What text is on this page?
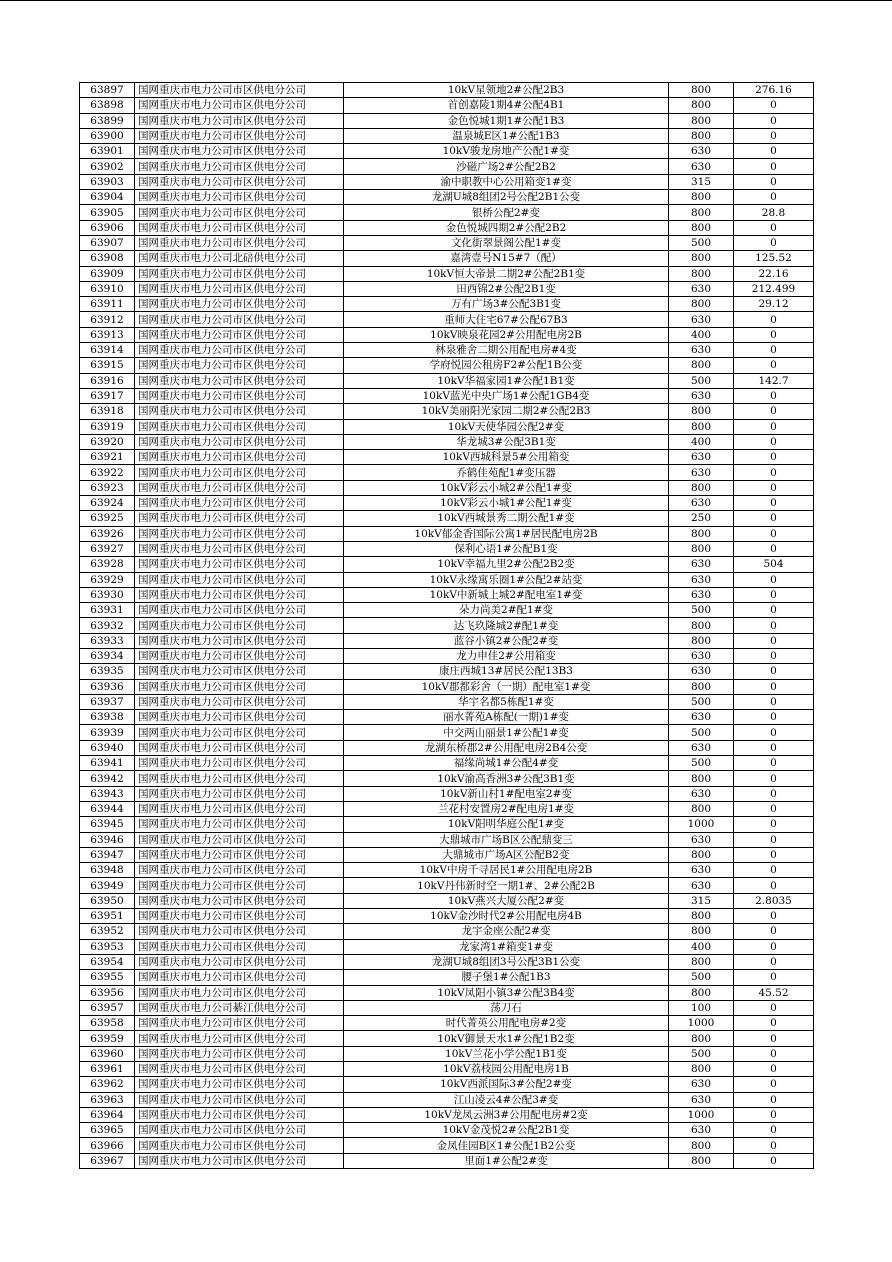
63897	国网重庆市电力公司市区供电分公司	10kV星领地2#公配2B3	800	276.16
63898	国网重庆市电力公司市区供电分公司	首创嘉陵1期4#公配4B1	800	0
63899	国网重庆市电力公司市区供电分公司	金色悦城1期1#公配1B3	800	0
63900	国网重庆市电力公司市区供电分公司	温泉城E区1#公配1B3	800	0
63901	国网重庆市电力公司市区供电分公司	10kV骏龙房地产公配1#变	630	0
63902	国网重庆市电力公司市区供电分公司	沙磁广场2#公配2B2	630	0
63903	国网重庆市电力公司市区供电分公司	渝中职教中心公用箱变1#变	315	0
63904	国网重庆市电力公司市区供电分公司	龙湖U城8组团2号公配2B1公变	800	0
63905	国网重庆市电力公司市区供电分公司	银桥公配2#变	800	28.8
63906	国网重庆市电力公司市区供电分公司	金色悦城四期2#公配2B2	800	0
63907	国网重庆市电力公司市区供电分公司	文化街翠景阁公配1#变	500	0
63908	国网重庆市电力公司北碚供电分公司	嘉湾壹号N15#7（配）	800	125.52
63909	国网重庆市电力公司市区供电分公司	10kV恒大帝景二期2#公配2B1变	800	22.16
63910	国网重庆市电力公司市区供电分公司	田西锦2#公配2B1变	630	212.499
63911	国网重庆市电力公司市区供电分公司	万有广场3#公配3B1变	800	29.12
63912	国网重庆市电力公司市区供电分公司	重师大住宅67#公配67B3	630	0
63913	国网重庆市电力公司市区供电分公司	10kV映泉花园2#公用配电房2B	400	0
63914	国网重庆市电力公司市区供电分公司	林泉雅舍二期公用配电房#4变	630	0
63915	国网重庆市电力公司市区供电分公司	学府悦园公租房F2#公配1B公变	800	0
63916	国网重庆市电力公司市区供电分公司	10kV华福家园1#公配1B1变	500	142.7
63917	国网重庆市电力公司市区供电分公司	10kV蓝光中央广场1#公配1GB4变	630	0
63918	国网重庆市电力公司市区供电分公司	10kV美丽阳光家园二期2#公配2B3	800	0
63919	国网重庆市电力公司市区供电分公司	10kV天使华园公配2#变	800	0
63920	国网重庆市电力公司市区供电分公司	华龙城3#公配3B1变	400	0
63921	国网重庆市电力公司市区供电分公司	10kV西城科景5#公用箱变	630	0
63922	国网重庆市电力公司市区供电分公司	乔鹤佳苑配1#变压器	630	0
63923	国网重庆市电力公司市区供电分公司	10kV彩云小城2#公配1#变	800	0
63924	国网重庆市电力公司市区供电分公司	10kV彩云小城1#公配1#变	630	0
63925	国网重庆市电力公司市区供电分公司	10kV西城景秀二期公配1#变	250	0
63926	国网重庆市电力公司市区供电分公司	10kV郁金香国际公寓1#居民配电房2B	800	0
63927	国网重庆市电力公司市区供电分公司	保利心语1#公配B1变	800	0
63928	国网重庆市电力公司市区供电分公司	10kV幸福九里2#公配2B2变	630	504
63929	国网重庆市电力公司市区供电分公司	10kV永缘寓乐圈1#公配2#站变	630	0
63930	国网重庆市电力公司市区供电分公司	10kV中新城上城2#配电室1#变	630	0
63931	国网重庆市电力公司市区供电分公司	朵力尚美2#配1#变	500	0
63932	国网重庆市电力公司市区供电分公司	达飞玖隆城2#配1#变	800	0
63933	国网重庆市电力公司市区供电分公司	蓝谷小镇2#公配2#变	800	0
63934	国网重庆市电力公司市区供电分公司	龙力申佳2#公用箱变	630	0
63935	国网重庆市电力公司市区供电分公司	康庄西城13#居民公配13B3	630	0
63936	国网重庆市电力公司市区供电分公司	10kV郡都彩舍（一期）配电室1#变	800	0
63937	国网重庆市电力公司市区供电分公司	华宇名都5栋配1#变	500	0
63938	国网重庆市电力公司市区供电分公司	丽水菁苑A栋配(一期)1#变	630	0
63939	国网重庆市电力公司市区供电分公司	中交两山丽景1#公配1#变	500	0
63940	国网重庆市电力公司市区供电分公司	龙湖东桥郡2#公用配电房2B4公变	630	0
63941	国网重庆市电力公司市区供电分公司	福缘尚城1#公配4#变	500	0
63942	国网重庆市电力公司市区供电分公司	10kV渝高香洲3#公配3B1变	800	0
63943	国网重庆市电力公司市区供电分公司	10kV新山村1#配电室2#变	630	0
63944	国网重庆市电力公司市区供电分公司	兰花村安置房2#配电房1#变	800	0
63945	国网重庆市电力公司市区供电分公司	10kV阳明华庭公配1#变	1000	0
63946	国网重庆市电力公司市区供电分公司	大鼎城市广场B区公配鼎变三	630	0
63947	国网重庆市电力公司市区供电分公司	大鼎城市广场A区公配B2变	800	0
63948	国网重庆市电力公司市区供电分公司	10kV中房千寻居民1#公用配电房2B	630	0
63949	国网重庆市电力公司市区供电分公司	10kV丹伟新时空一期1#、2#公配2B	630	0
63950	国网重庆市电力公司市区供电分公司	10kV燕兴大厦公配2#变	315	2.8035
63951	国网重庆市电力公司市区供电分公司	10kV金沙时代2#公用配电房4B	800	0
63952	国网重庆市电力公司市区供电分公司	龙宇金座公配2#变	800	0
63953	国网重庆市电力公司市区供电分公司	龙家湾1#箱变1#变	400	0
63954	国网重庆市电力公司市区供电分公司	龙湖U城8组团3号公配3B1公变	800	0
63955	国网重庆市电力公司市区供电分公司	腰子堡1#公配1B3	500	0
63956	国网重庆市电力公司市区供电分公司	10kV凤阳小镇3#公配3B4变	800	45.52
63957	国网重庆市电力公司綦江供电分公司	荡刀石	100	0
63958	国网重庆市电力公司市区供电分公司	时代菁英公用配电房#2变	1000	0
63959	国网重庆市电力公司市区供电分公司	10kV御景天水1#公配1B2变	800	0
63960	国网重庆市电力公司市区供电分公司	10kV兰花小学公配1B1变	500	0
63961	国网重庆市电力公司市区供电分公司	10kV荔枝园公用配电房1B	800	0
63962	国网重庆市电力公司市区供电分公司	10kV西派国际3#公配2#变	630	0
63963	国网重庆市电力公司市区供电分公司	江山凌云4#公配3#变	630	0
63964	国网重庆市电力公司市区供电分公司	10kV龙凤云洲3#公用配电房#2变	1000	0
63965	国网重庆市电力公司市区供电分公司	10kV金茂悦2#公配2B1变	630	0
63966	国网重庆市电力公司市区供电分公司	金凤佳园B区1#公配1B2公变	800	0
63967	国网重庆市电力公司市区供电分公司	里面1#公配2#变	800	0
